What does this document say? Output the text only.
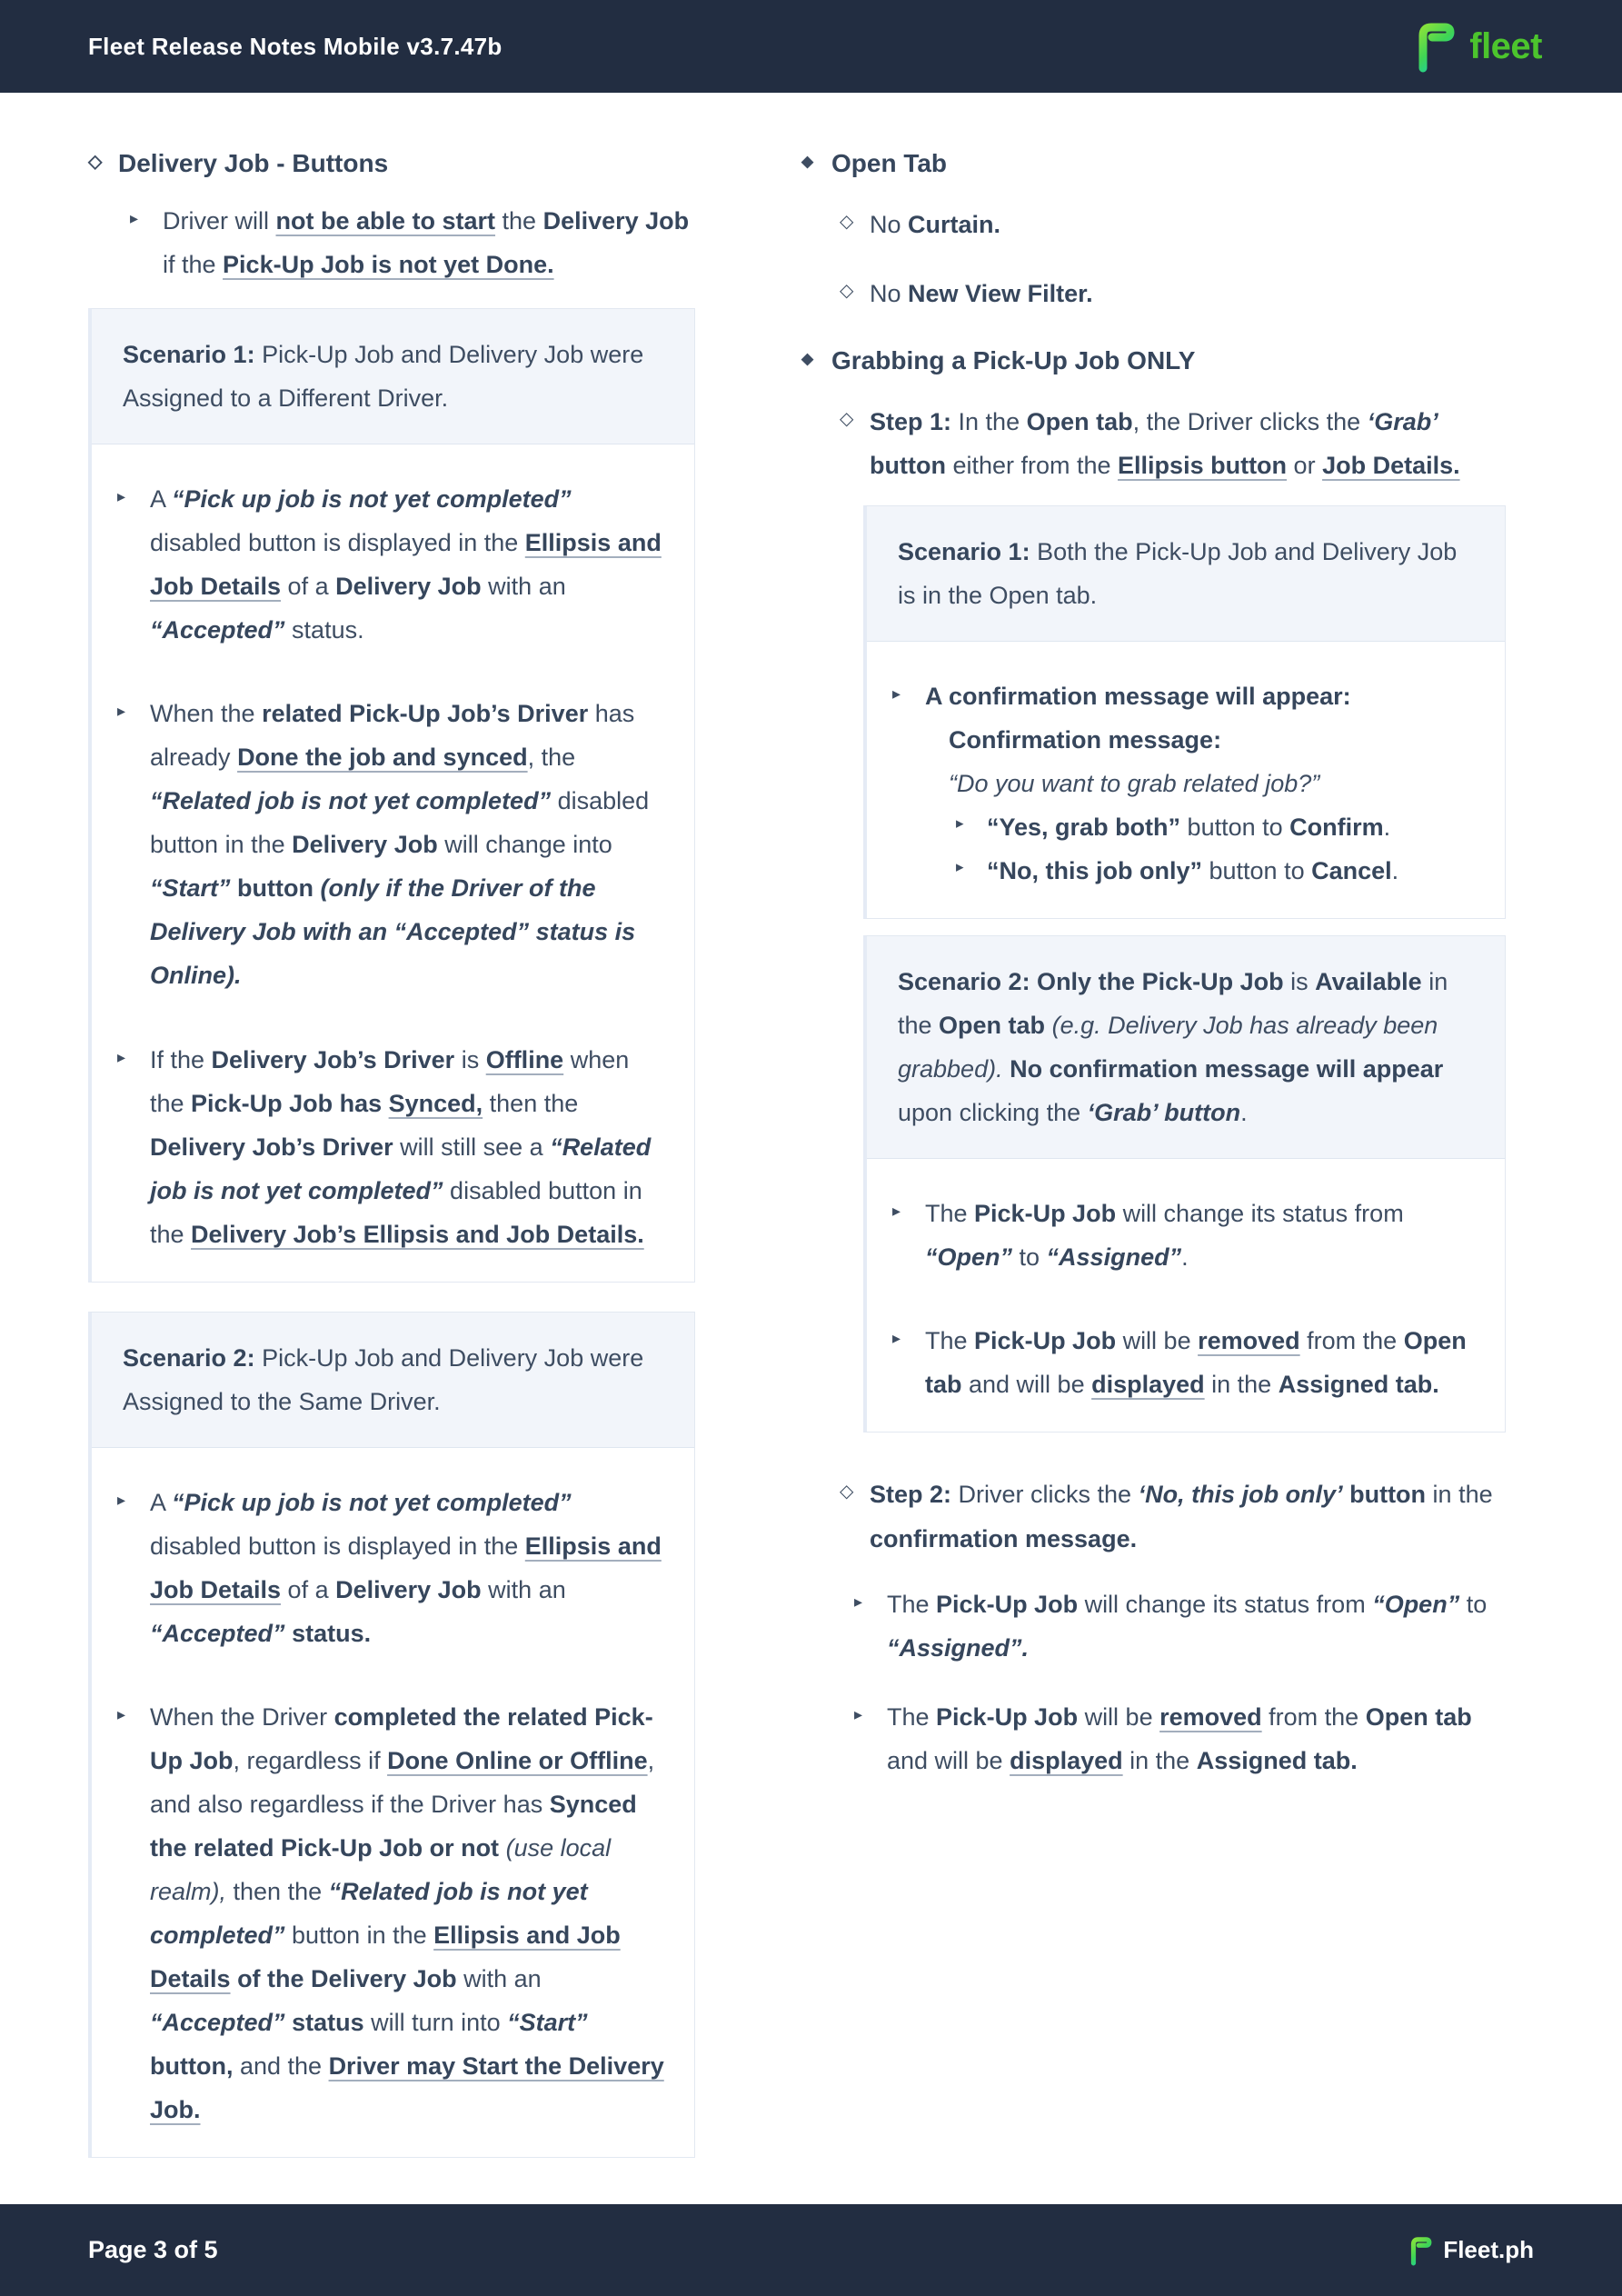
Fleet Release Notes Mobile v3.7.47b	fleet
◇ Delivery Job - Buttons
▸ Driver will not be able to start the Delivery Job if the Pick-Up Job is not yet Done.
Scenario 1: Pick-Up Job and Delivery Job were Assigned to a Different Driver.
▸ A “Pick up job is not yet completed” disabled button is displayed in the Ellipsis and Job Details of a Delivery Job with an “Accepted” status.
▸ When the related Pick-Up Job’s Driver has already Done the job and synced, the “Related job is not yet completed” disabled button in the Delivery Job will change into “Start” button (only if the Driver of the Delivery Job with an “Accepted” status is Online).
▸ If the Delivery Job’s Driver is Offline when the Pick-Up Job has Synced, then the Delivery Job’s Driver will still see a “Related job is not yet completed” disabled button in the Delivery Job’s Ellipsis and Job Details.
Scenario 2: Pick-Up Job and Delivery Job were Assigned to the Same Driver.
▸ A “Pick up job is not yet completed” disabled button is displayed in the Ellipsis and Job Details of a Delivery Job with an “Accepted” status.
▸ When the Driver completed the related Pick-Up Job, regardless if Done Online or Offline, and also regardless if the Driver has Synced the related Pick-Up Job or not (use local realm), then the “Related job is not yet completed” button in the Ellipsis and Job Details of the Delivery Job with an “Accepted” status will turn into “Start” button, and the Driver may Start the Delivery Job.
◆ Open Tab
◇ No Curtain.
◇ No New View Filter.
◆ Grabbing a Pick-Up Job ONLY
◇ Step 1: In the Open tab, the Driver clicks the ‘Grab’ button either from the Ellipsis button or Job Details.
Scenario 1: Both the Pick-Up Job and Delivery Job is in the Open tab.
▸ A confirmation message will appear:
Confirmation message:
“Do you want to grab related job?”
▸ “Yes, grab both” button to Confirm.
▸ “No, this job only” button to Cancel.
Scenario 2: Only the Pick-Up Job is Available in the Open tab (e.g. Delivery Job has already been grabbed). No confirmation message will appear upon clicking the ‘Grab’ button.
▸ The Pick-Up Job will change its status from “Open” to “Assigned”.
▸ The Pick-Up Job will be removed from the Open tab and will be displayed in the Assigned tab.
◇ Step 2: Driver clicks the ‘No, this job only’ button in the confirmation message.
▸ The Pick-Up Job will change its status from “Open” to “Assigned”.
▸ The Pick-Up Job will be removed from the Open tab and will be displayed in the Assigned tab.
Page 3 of 5	Fleet.ph
